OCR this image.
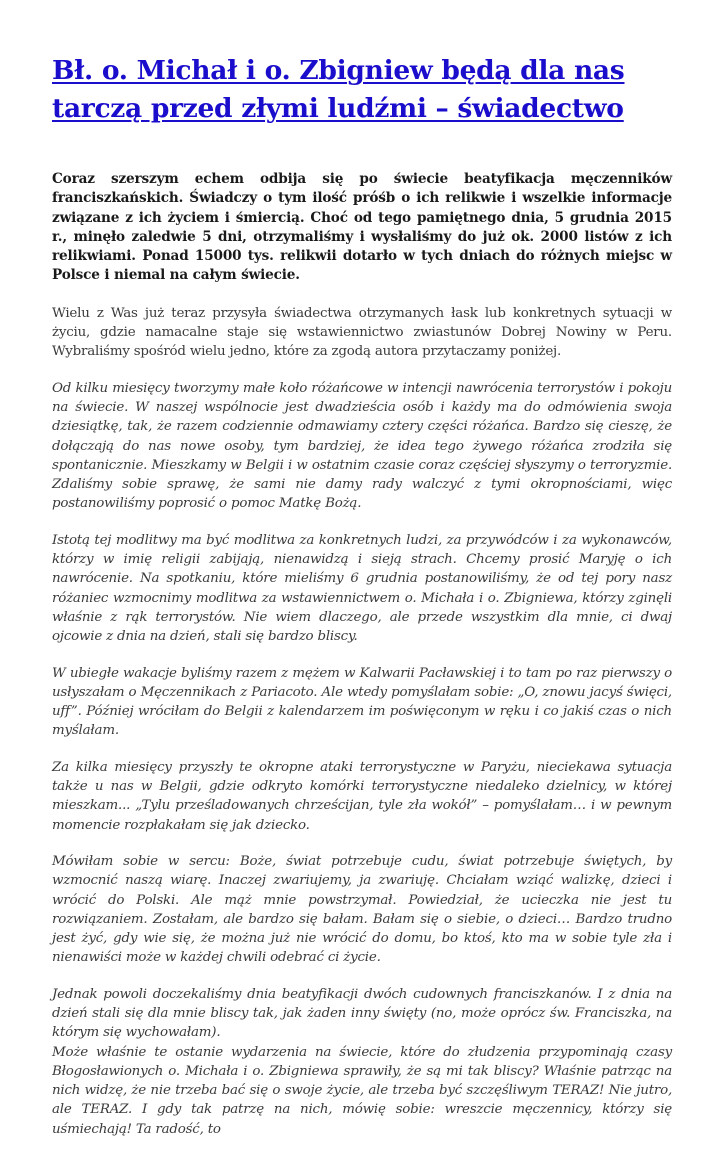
Bł. o. Michał i o. Zbigniew będą dla nas tarczą przed złymi ludźmi – świadectwo

Coraz szerszym echem odbija się po świecie beatyfikacja męczenników franciszkańskich. Świadczy o tym ilość próśb o ich relikwie i wszelkie informacje związane z ich życiem i śmiercią. Choć od tego pamiętnego dnia, 5 grudnia 2015 r., minęło zaledwie 5 dni, otrzymaliśmy i wysłaliśmy do już ok. 2000 listów z ich relikwiami. Ponad 15000 tys. relikwii dotarło w tych dniach do różnych miejsc w Polsce i niemal na całym świecie.

Wielu z Was już teraz przysyła świadectwa otrzymanych łask lub konkretnych sytuacji w życiu, gdzie namacalne staje się wstawiennictwo zwiastunów Dobrej Nowiny w Peru. Wybraliśmy spośród wielu jedno, które za zgodą autora przytaczamy poniżej.

Od kilku miesięcy tworzymy małe koło różańcowe w intencji nawrócenia terrorystów i pokoju na świecie. W naszej wspólnocie jest dwadzieścia osób i każdy ma do odmówienia swoja dziesiątkę, tak, że razem codziennie odmawiamy cztery części różańca. Bardzo się cieszę, że dołączają do nas nowe osoby, tym bardziej, że idea tego żywego różańca zrodziła się spontanicznie. Mieszkamy w Belgii i w ostatnim czasie coraz częściej słyszymy o terroryzmie. Zdaliśmy sobie sprawę, że sami nie damy rady walczyć z tymi okropnościami, więc postanowiliśmy poprosić o pomoc Matkę Bożą.

Istotą tej modlitwy ma być modlitwa za konkretnych ludzi, za przywódców i za wykonawców, którzy w imię religii zabijają, nienawidzą i sieją strach. Chcemy prosić Maryję o ich nawrócenie. Na spotkaniu, które mieliśmy 6 grudnia postanowiliśmy, że od tej pory nasz różaniec wzmocnimy modlitwa za wstawiennictwem o. Michała i o. Zbigniewa, którzy zginęli właśnie z rąk terrorystów. Nie wiem dlaczego, ale przede wszystkim dla mnie, ci dwaj ojcowie z dnia na dzień, stali się bardzo bliscy.

W ubiegłe wakacje byliśmy razem z mężem w Kalwarii Pacławskiej i to tam po raz pierwszy o usłyszałam o Męczennikach z Pariacoto. Ale wtedy pomyślałam sobie: „O, znowu jacyś święci, uff”. Później wróciłam do Belgii z kalendarzem im poświęconym w ręku i co jakiś czas o nich myślałam.

Za kilka miesięcy przyszły te okropne ataki terrorystyczne w Paryżu, nieciekawa sytuacja także u nas w Belgii, gdzie odkryto komórki terrorystyczne niedaleko dzielnicy, w której mieszkam... „Tylu prześladowanych chrześcijan, tyle zła wokół” – pomyślałam… i w pewnym momencie rozpłakałam się jak dziecko.

Mówiłam sobie w sercu: Boże, świat potrzebuje cudu, świat potrzebuje świętych, by wzmocnić naszą wiarę. Inaczej zwariujemy, ja zwariuję. Chciałam wziąć walizkę, dzieci i wrócić do Polski. Ale mąż mnie powstrzymał. Powiedział, że ucieczka nie jest tu rozwiązaniem. Zostałam, ale bardzo się bałam. Bałam się o siebie, o dzieci… Bardzo trudno jest żyć, gdy wie się, że można już nie wrócić do domu, bo ktoś, kto ma w sobie tyle zła i nienawiści może w każdej chwili odebrać ci życie.

Jednak powoli doczekaliśmy dnia beatyfikacji dwóch cudownych franciszkanów. I z dnia na dzień stali się dla mnie bliscy tak, jak żaden inny święty (no, może oprócz św. Franciszka, na którym się wychowałam).

Może właśnie te ostanie wydarzenia na świecie, które do złudzenia przypominają czasy Błogosławionych o. Michała i o. Zbigniewa sprawiły, że są mi tak bliscy? Właśnie patrząc na nich widzę, że nie trzeba bać się o swoje życie, ale trzeba być szczęśliwym TERAZ! Nie jutro, ale TERAZ. I gdy tak patrzę na nich, mówię sobie: wreszcie męczennicy, którzy się uśmiechają! Ta radość, to
